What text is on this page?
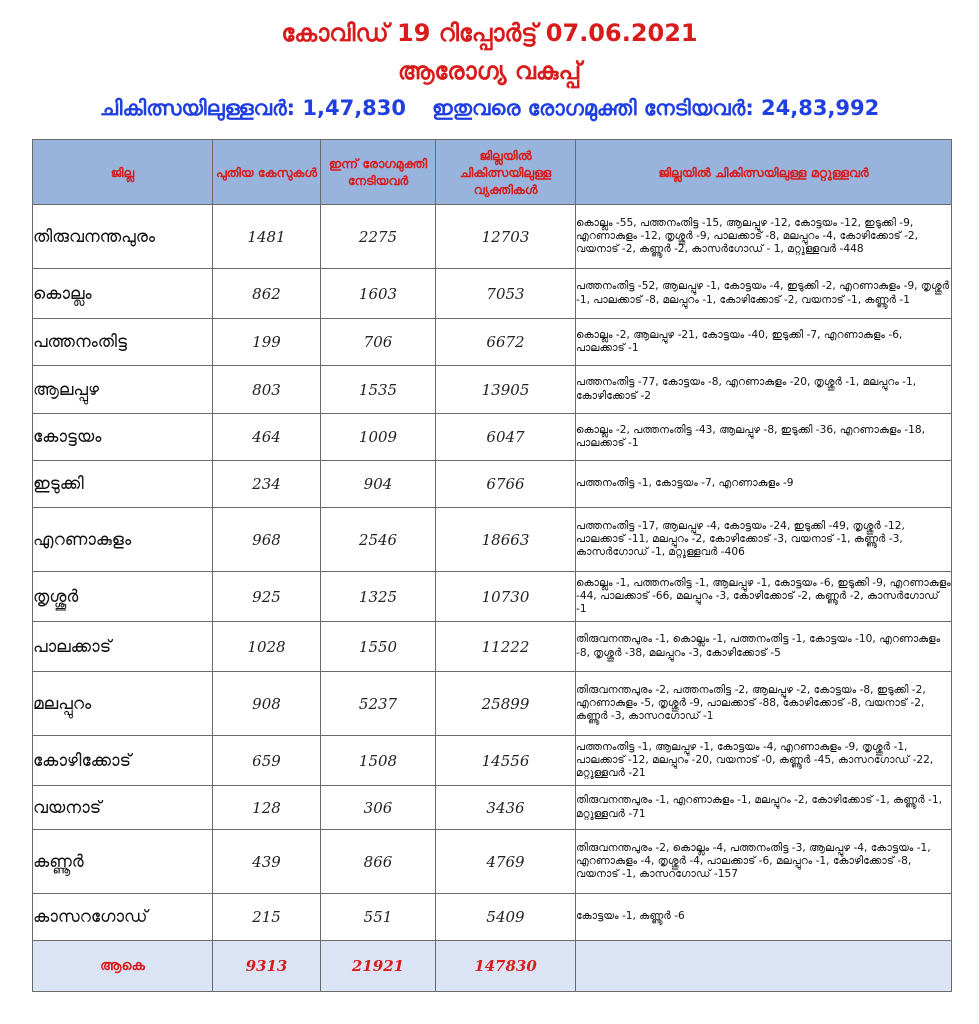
കോവിഡ് 19 റിപ്പോർട്ട് 07.06.2021
ആരോഗ്യ വകുപ്പ്
ചികിത്സയിലുള്ളവർ: 1,47,830 ഇതുവരെ രോഗമുക്തി നേടിയവർ: 24,83,992
ജില്ല	പുതിയ കേസുകൾ	ഇന്ന് രോഗമുക്തി നേടിയവർ	ജില്ലയിൽ ചികിത്സയിലുള്ള വ്യക്തികൾ	ജില്ലയിൽ ചികിത്സയിലുള്ള മറ്റുള്ളവർ
തിരുവനന്തപുരം	1481	2275	12703	കൊല്ലം -55, പത്തനംതിട്ട -15, ആലപ്പുഴ -12, കോട്ടയം -12, ഇടുക്കി -9, എറണാകുളം -12, തൃശ്ശൂർ -9, പാലക്കാട് -8, മലപ്പുറം -4, കോഴിക്കോട് -2, വയനാട് -2, കണ്ണൂർ -2, കാസർഗോഡ് - 1, മറ്റുള്ളവർ -448
കൊല്ലം	862	1603	7053	പത്തനംതിട്ട -52, ആലപ്പുഴ -1, കോട്ടയം -4, ഇടുക്കി -2, എറണാകുളം -9, തൃശ്ശൂർ -1, പാലക്കാട് -8, മലപ്പുറം -1, കോഴിക്കോട് -2, വയനാട് -1, കണ്ണൂർ -1
പത്തനംതിട്ട	199	706	6672	കൊല്ലം -2, ആലപ്പുഴ -21, കോട്ടയം -40, ഇടുക്കി -7, എറണാകുളം -6, പാലക്കാട് -1
ആലപ്പുഴ	803	1535	13905	പത്തനംതിട്ട -77, കോട്ടയം -8, എറണാകുളം -20, തൃശ്ശൂർ -1, മലപ്പുറം -1, കോഴിക്കോട് -2
കോട്ടയം	464	1009	6047	കൊല്ലം -2, പത്തനംതിട്ട -43, ആലപ്പുഴ -8, ഇടുക്കി -36, എറണാകുളം -18, പാലക്കാട് -1
ഇടുക്കി	234	904	6766	പത്തനംതിട്ട -1, കോട്ടയം -7, എറണാകുളം -9
എറണാകുളം	968	2546	18663	പത്തനംതിട്ട -17, ആലപ്പുഴ -4, കോട്ടയം -24, ഇടുക്കി -49, തൃശ്ശൂർ -12, പാലക്കാട് -11, മലപ്പുറം -2, കോഴിക്കോട് -3, വയനാട് -1, കണ്ണൂർ -3, കാസർഗോഡ് -1, മറ്റുള്ളവർ -406
തൃശ്ശൂർ	925	1325	10730	കൊല്ലം -1, പത്തനംതിട്ട -1, ആലപ്പുഴ -1, കോട്ടയം -6, ഇടുക്കി -9, എറണാകുളം -44, പാലക്കാട് -66, മലപ്പുറം -3, കോഴിക്കോട് -2, കണ്ണൂർ -2, കാസർഗോഡ് -1
പാലക്കാട്	1028	1550	11222	തിരുവനന്തപുരം -1, കൊല്ലം -1, പത്തനംതിട്ട -1, കോട്ടയം -10, എറണാകുളം -8, തൃശ്ശൂർ -38, മലപ്പുറം -3, കോഴിക്കോട് -5
മലപ്പുറം	908	5237	25899	തിരുവനന്തപുരം -2, പത്തനംതിട്ട -2, ആലപ്പുഴ -2, കോട്ടയം -8, ഇടുക്കി -2, എറണാകുളം -5, തൃശ്ശൂർ -9, പാലക്കാട് -88, കോഴിക്കോട് -8, വയനാട് -2, കണ്ണൂർ -3, കാസറഗോഡ് -1
കോഴിക്കോട്	659	1508	14556	പത്തനംതിട്ട -1, ആലപ്പുഴ -1, കോട്ടയം -4, എറണാകുളം -9, തൃശ്ശൂർ -1, പാലക്കാട് -12, മലപ്പുറം -20, വയനാട് -0, കണ്ണൂർ -45, കാസറഗോഡ് -22, മറ്റുള്ളവർ -21
വയനാട്	128	306	3436	തിരുവനന്തപുരം -1, എറണാകുളം -1, മലപ്പുറം -2, കോഴിക്കോട് -1, കണ്ണൂർ -1, മറ്റുള്ളവർ -71
കണ്ണൂർ	439	866	4769	തിരുവനന്തപുരം -2, കൊല്ലം -4, പത്തനംതിട്ട -3, ആലപ്പുഴ -4, കോട്ടയം -1, എറണാകുളം -4, തൃശ്ശൂർ -4, പാലക്കാട് -6, മലപ്പുറം -1, കോഴിക്കോട് -8, വയനാട് -1, കാസറഗോഡ് -157
കാസറഗോഡ്	215	551	5409	കോട്ടയം -1, കണ്ണൂർ -6
ആകെ	9313	21921	147830	
